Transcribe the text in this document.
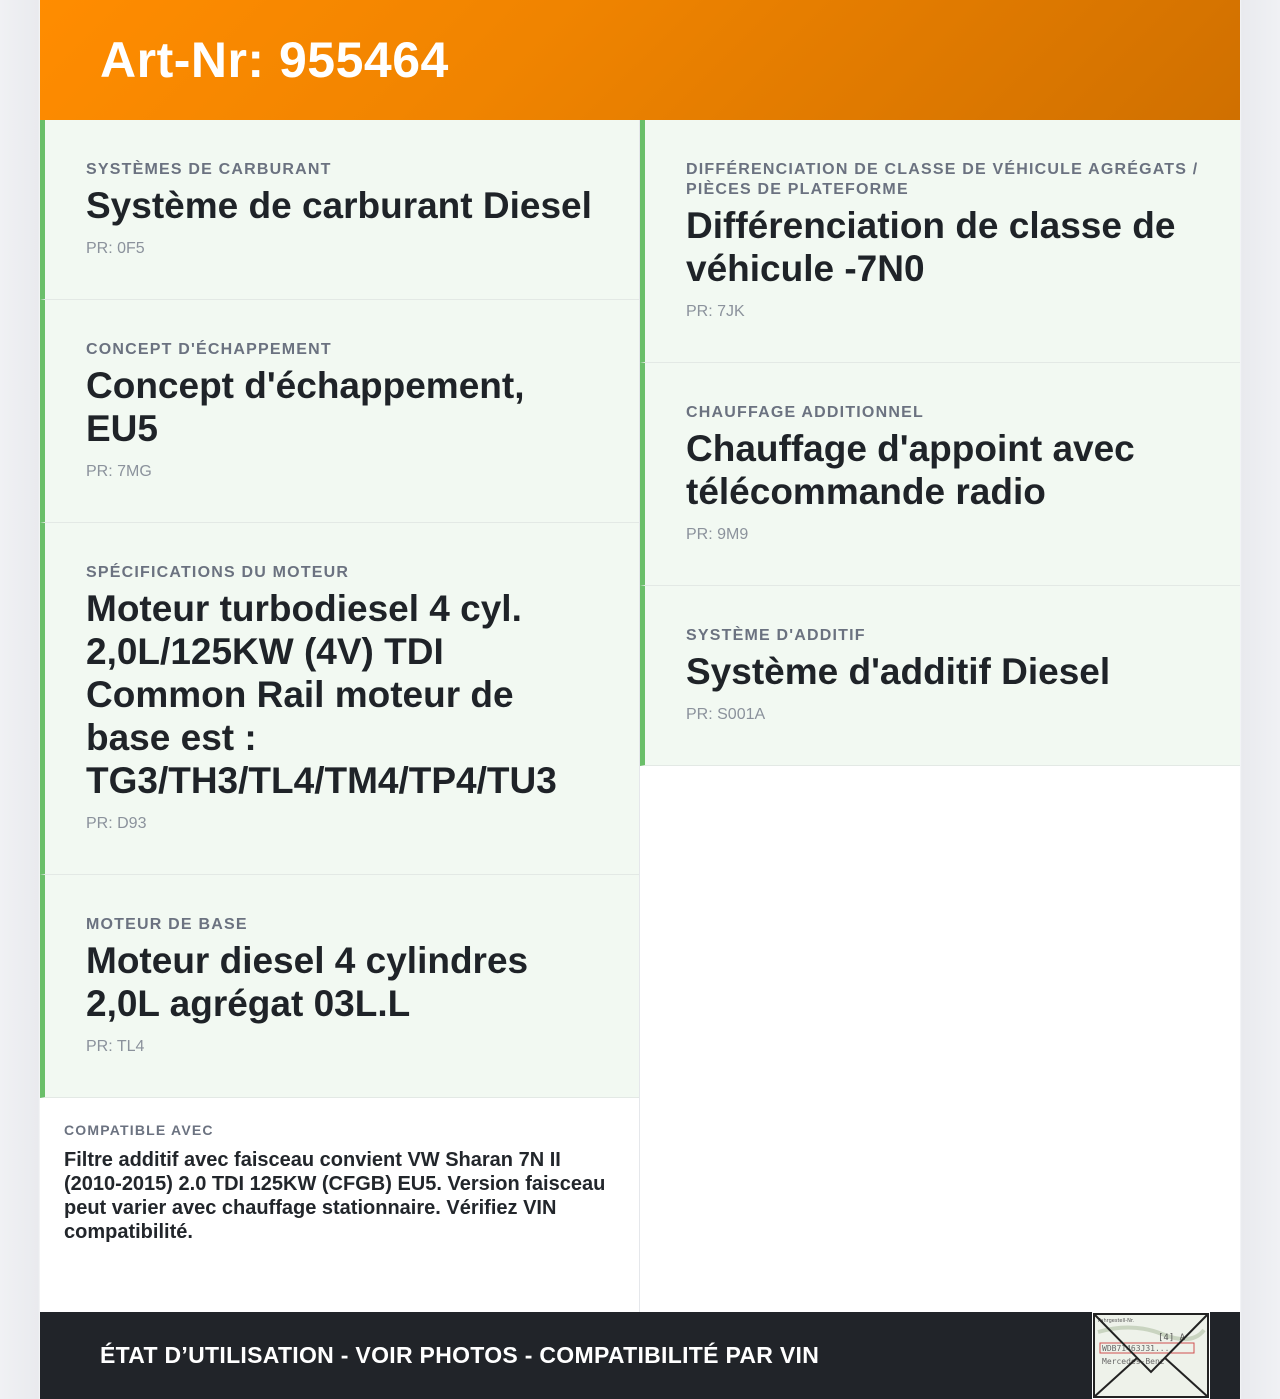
Art-Nr: 955464
SYSTÈMES DE CARBURANT
Système de carburant Diesel
PR: 0F5
CONCEPT D'ÉCHAPPEMENT
Concept d'échappement, EU5
PR: 7MG
SPÉCIFICATIONS DU MOTEUR
Moteur turbodiesel 4 cyl. 2,0L/125KW (4V) TDI Common Rail moteur de base est : TG3/TH3/TL4/TM4/TP4/TU3
PR: D93
MOTEUR DE BASE
Moteur diesel 4 cylindres 2,0L agrégat 03L.L
PR: TL4
COMPATIBLE AVEC
Filtre additif avec faisceau convient VW Sharan 7N II (2010-2015) 2.0 TDI 125KW (CFGB) EU5. Version faisceau peut varier avec chauffage stationnaire. Vérifiez VIN compatibilité.
DIFFÉRENCIATION DE CLASSE DE VÉHICULE AGRÉGATS / PIÈCES DE PLATEFORME
Différenciation de classe de véhicule -7N0
PR: 7JK
CHAUFFAGE ADDITIONNEL
Chauffage d'appoint avec télécommande radio
PR: 9M9
SYSTÈME D'ADDITIF
Système d'additif Diesel
PR: S001A
ÉTAT D’UTILISATION - VOIR PHOTOS - COMPATIBILITÉ PAR VIN
Fahrgestell-Nr.
[4] A
WDB71463J31...
Mercedes-Benz
